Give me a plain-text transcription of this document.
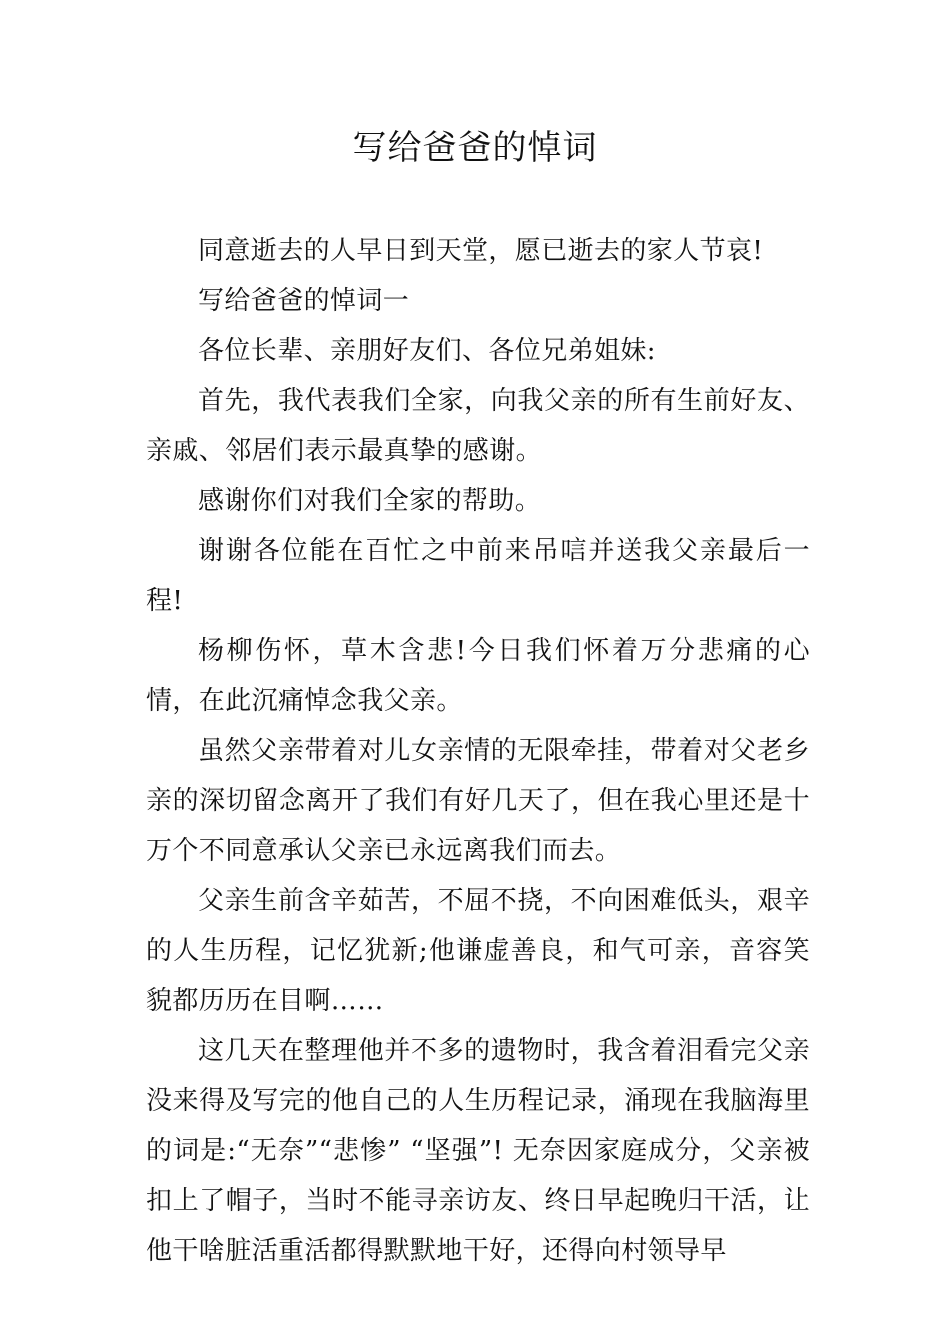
写给爸爸的悼词

同意逝去的人早日到天堂，愿已逝去的家人节哀!

写给爸爸的悼词一

各位长辈、亲朋好友们、各位兄弟姐妹:

首先，我代表我们全家，向我父亲的所有生前好友、亲戚、邻居们表示最真挚的感谢。

感谢你们对我们全家的帮助。

谢谢各位能在百忙之中前来吊唁并送我父亲最后一程!

杨柳伤怀，草木含悲!今日我们怀着万分悲痛的心情，在此沉痛悼念我父亲。

虽然父亲带着对儿女亲情的无限牵挂，带着对父老乡亲的深切留念离开了我们有好几天了，但在我心里还是十万个不同意承认父亲已永远离我们而去。

父亲生前含辛茹苦，不屈不挠，不向困难低头，艰辛的人生历程，记忆犹新;他谦虚善良，和气可亲，音容笑貌都历历在目啊……

这几天在整理他并不多的遗物时，我含着泪看完父亲没来得及写完的他自己的人生历程记录，涌现在我脑海里的词是:“无奈”“悲惨” “坚强”! 无奈因家庭成分，父亲被扣上了帽子，当时不能寻亲访友、终日早起晚归干活，让他干啥脏活重活都得默默地干好，还得向村领导早
